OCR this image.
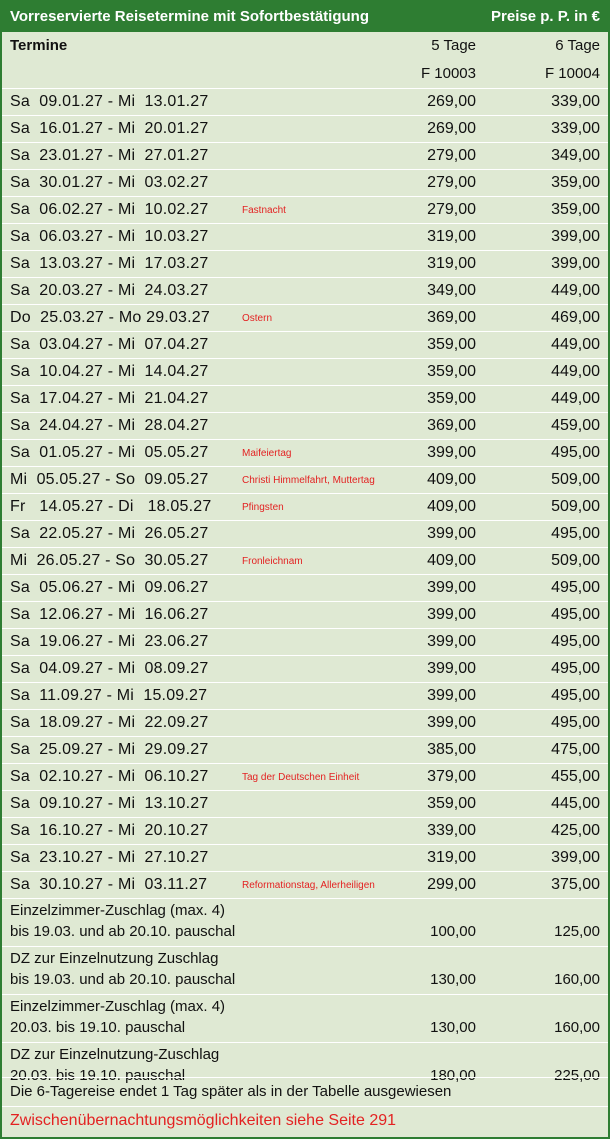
Vorreservierte Reisetermine mit Sofortbestätigung	Preise p. P. in €
Termine	5 Tage	6 Tage
F 10003	F 10004
Sa  09.01.27 - Mi  13.01.27	269,00	339,00
Sa  16.01.27 - Mi  20.01.27	269,00	339,00
Sa  23.01.27 - Mi  27.01.27	279,00	349,00
Sa  30.01.27 - Mi  03.02.27	279,00	359,00
Sa  06.02.27 - Mi  10.02.27	Fastnacht	279,00	359,00
Sa  06.03.27 - Mi  10.03.27	319,00	399,00
Sa  13.03.27 - Mi  17.03.27	319,00	399,00
Sa  20.03.27 - Mi  24.03.27	349,00	449,00
Do  25.03.27 - Mo 29.03.27	Ostern	369,00	469,00
Sa  03.04.27 - Mi  07.04.27	359,00	449,00
Sa  10.04.27 - Mi  14.04.27	359,00	449,00
Sa  17.04.27 - Mi  21.04.27	359,00	449,00
Sa  24.04.27 - Mi  28.04.27	369,00	459,00
Sa  01.05.27 - Mi  05.05.27	Maifeiertag	399,00	495,00
Mi  05.05.27 - So  09.05.27	Christi Himmelfahrt, Muttertag	409,00	509,00
Fr   14.05.27 - Di   18.05.27	Pfingsten	409,00	509,00
Sa  22.05.27 - Mi  26.05.27	399,00	495,00
Mi  26.05.27 - So  30.05.27	Fronleichnam	409,00	509,00
Sa  05.06.27 - Mi  09.06.27	399,00	495,00
Sa  12.06.27 - Mi  16.06.27	399,00	495,00
Sa  19.06.27 - Mi  23.06.27	399,00	495,00
Sa  04.09.27 - Mi  08.09.27	399,00	495,00
Sa  11.09.27 - Mi  15.09.27	399,00	495,00
Sa  18.09.27 - Mi  22.09.27	399,00	495,00
Sa  25.09.27 - Mi  29.09.27	385,00	475,00
Sa  02.10.27 - Mi  06.10.27	Tag der Deutschen Einheit	379,00	455,00
Sa  09.10.27 - Mi  13.10.27	359,00	445,00
Sa  16.10.27 - Mi  20.10.27	339,00	425,00
Sa  23.10.27 - Mi  27.10.27	319,00	399,00
Sa  30.10.27 - Mi  03.11.27	Reformationstag, Allerheiligen	299,00	375,00
Einzelzimmer-Zuschlag (max. 4)
bis 19.03. und ab 20.10. pauschal	100,00	125,00
DZ zur Einzelnutzung Zuschlag
bis 19.03. und ab 20.10. pauschal	130,00	160,00
Einzelzimmer-Zuschlag (max. 4)
20.03. bis 19.10. pauschal	130,00	160,00
DZ zur Einzelnutzung-Zuschlag
20.03. bis 19.10. pauschal	180,00	225,00
Die 6-Tagereise endet 1 Tag später als in der Tabelle ausgewiesen
Zwischenübernachtungsmöglichkeiten siehe Seite 291
